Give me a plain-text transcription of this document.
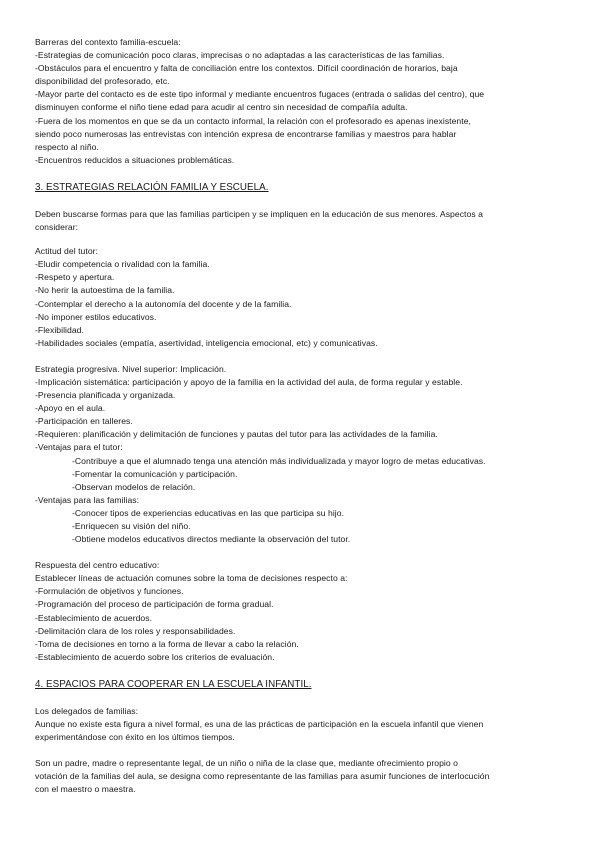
Barreras del contexto familia-escuela:
-Estrategias de comunicación poco claras, imprecisas o no adaptadas a las características de las familias.
-Obstáculos para el encuentro y falta de conciliación entre los contextos. Difícil coordinación de horarios, baja
disponibilidad del profesorado, etc.
-Mayor parte del contacto es de este tipo informal y mediante encuentros fugaces (entrada o salidas del centro), que
disminuyen conforme el niño tiene edad para acudir al centro sin necesidad de compañía adulta.
-Fuera de los momentos en que se da un contacto informal, la relación con el profesorado es apenas inexistente,
siendo poco numerosas las entrevistas con intención expresa de encontrarse familias y maestros para hablar
respecto al niño.
-Encuentros reducidos a situaciones problemáticas.
3. ESTRATEGIAS RELACIÓN FAMILIA Y ESCUELA.
Deben buscarse formas para que las familias participen y se impliquen en la educación de sus menores. Aspectos a
considerar:
Actitud del tutor:
-Eludir competencia o rivalidad con la familia.
-Respeto y apertura.
-No herir la autoestima de la familia.
-Contemplar el derecho a la autonomía del docente y de la familia.
-No imponer estilos educativos.
-Flexibilidad.
-Habilidades sociales (empatía, asertividad, inteligencia emocional, etc) y comunicativas.
Estrategia progresiva. Nivel superior: Implicación.
-Implicación sistemática: participación y apoyo de la familia en la actividad del aula, de forma regular y estable.
-Presencia planificada y organizada.
-Apoyo en el aula.
-Participación en talleres.
-Requieren: planificación y delimitación de funciones y pautas del tutor para las actividades de la familia.
-Ventajas para el tutor:
-Contribuye a que el alumnado tenga una atención más individualizada y mayor logro de metas educativas.
-Fomentar la comunicación y participación.
-Observan modelos de relación.
-Ventajas para las familias:
-Conocer tipos de experiencias educativas en las que participa su hijo.
-Enriquecen su visión del niño.
-Obtiene modelos educativos directos mediante la observación del tutor.
Respuesta del centro educativo:
Establecer líneas de actuación comunes sobre la toma de decisiones respecto a:
-Formulación de objetivos y funciones.
-Programación del proceso de participación de forma gradual.
-Establecimiento de acuerdos.
-Delimitación clara de los roles y responsabilidades.
-Toma de decisiones en torno a la forma de llevar a cabo la relación.
-Establecimiento de acuerdo sobre los criterios de evaluación.
4. ESPACIOS PARA COOPERAR EN LA ESCUELA INFANTIL.
Los delegados de familias:
Aunque no existe esta figura a nivel formal, es una de las prácticas de participación en la escuela infantil que vienen
experimentándose con éxito en los últimos tiempos.
Son un padre, madre o representante legal, de un niño o niña de la clase que, mediante ofrecimiento propio o
votación de la familias del aula, se designa como representante de las familias para asumir funciones de interlocución
con el maestro o maestra.
